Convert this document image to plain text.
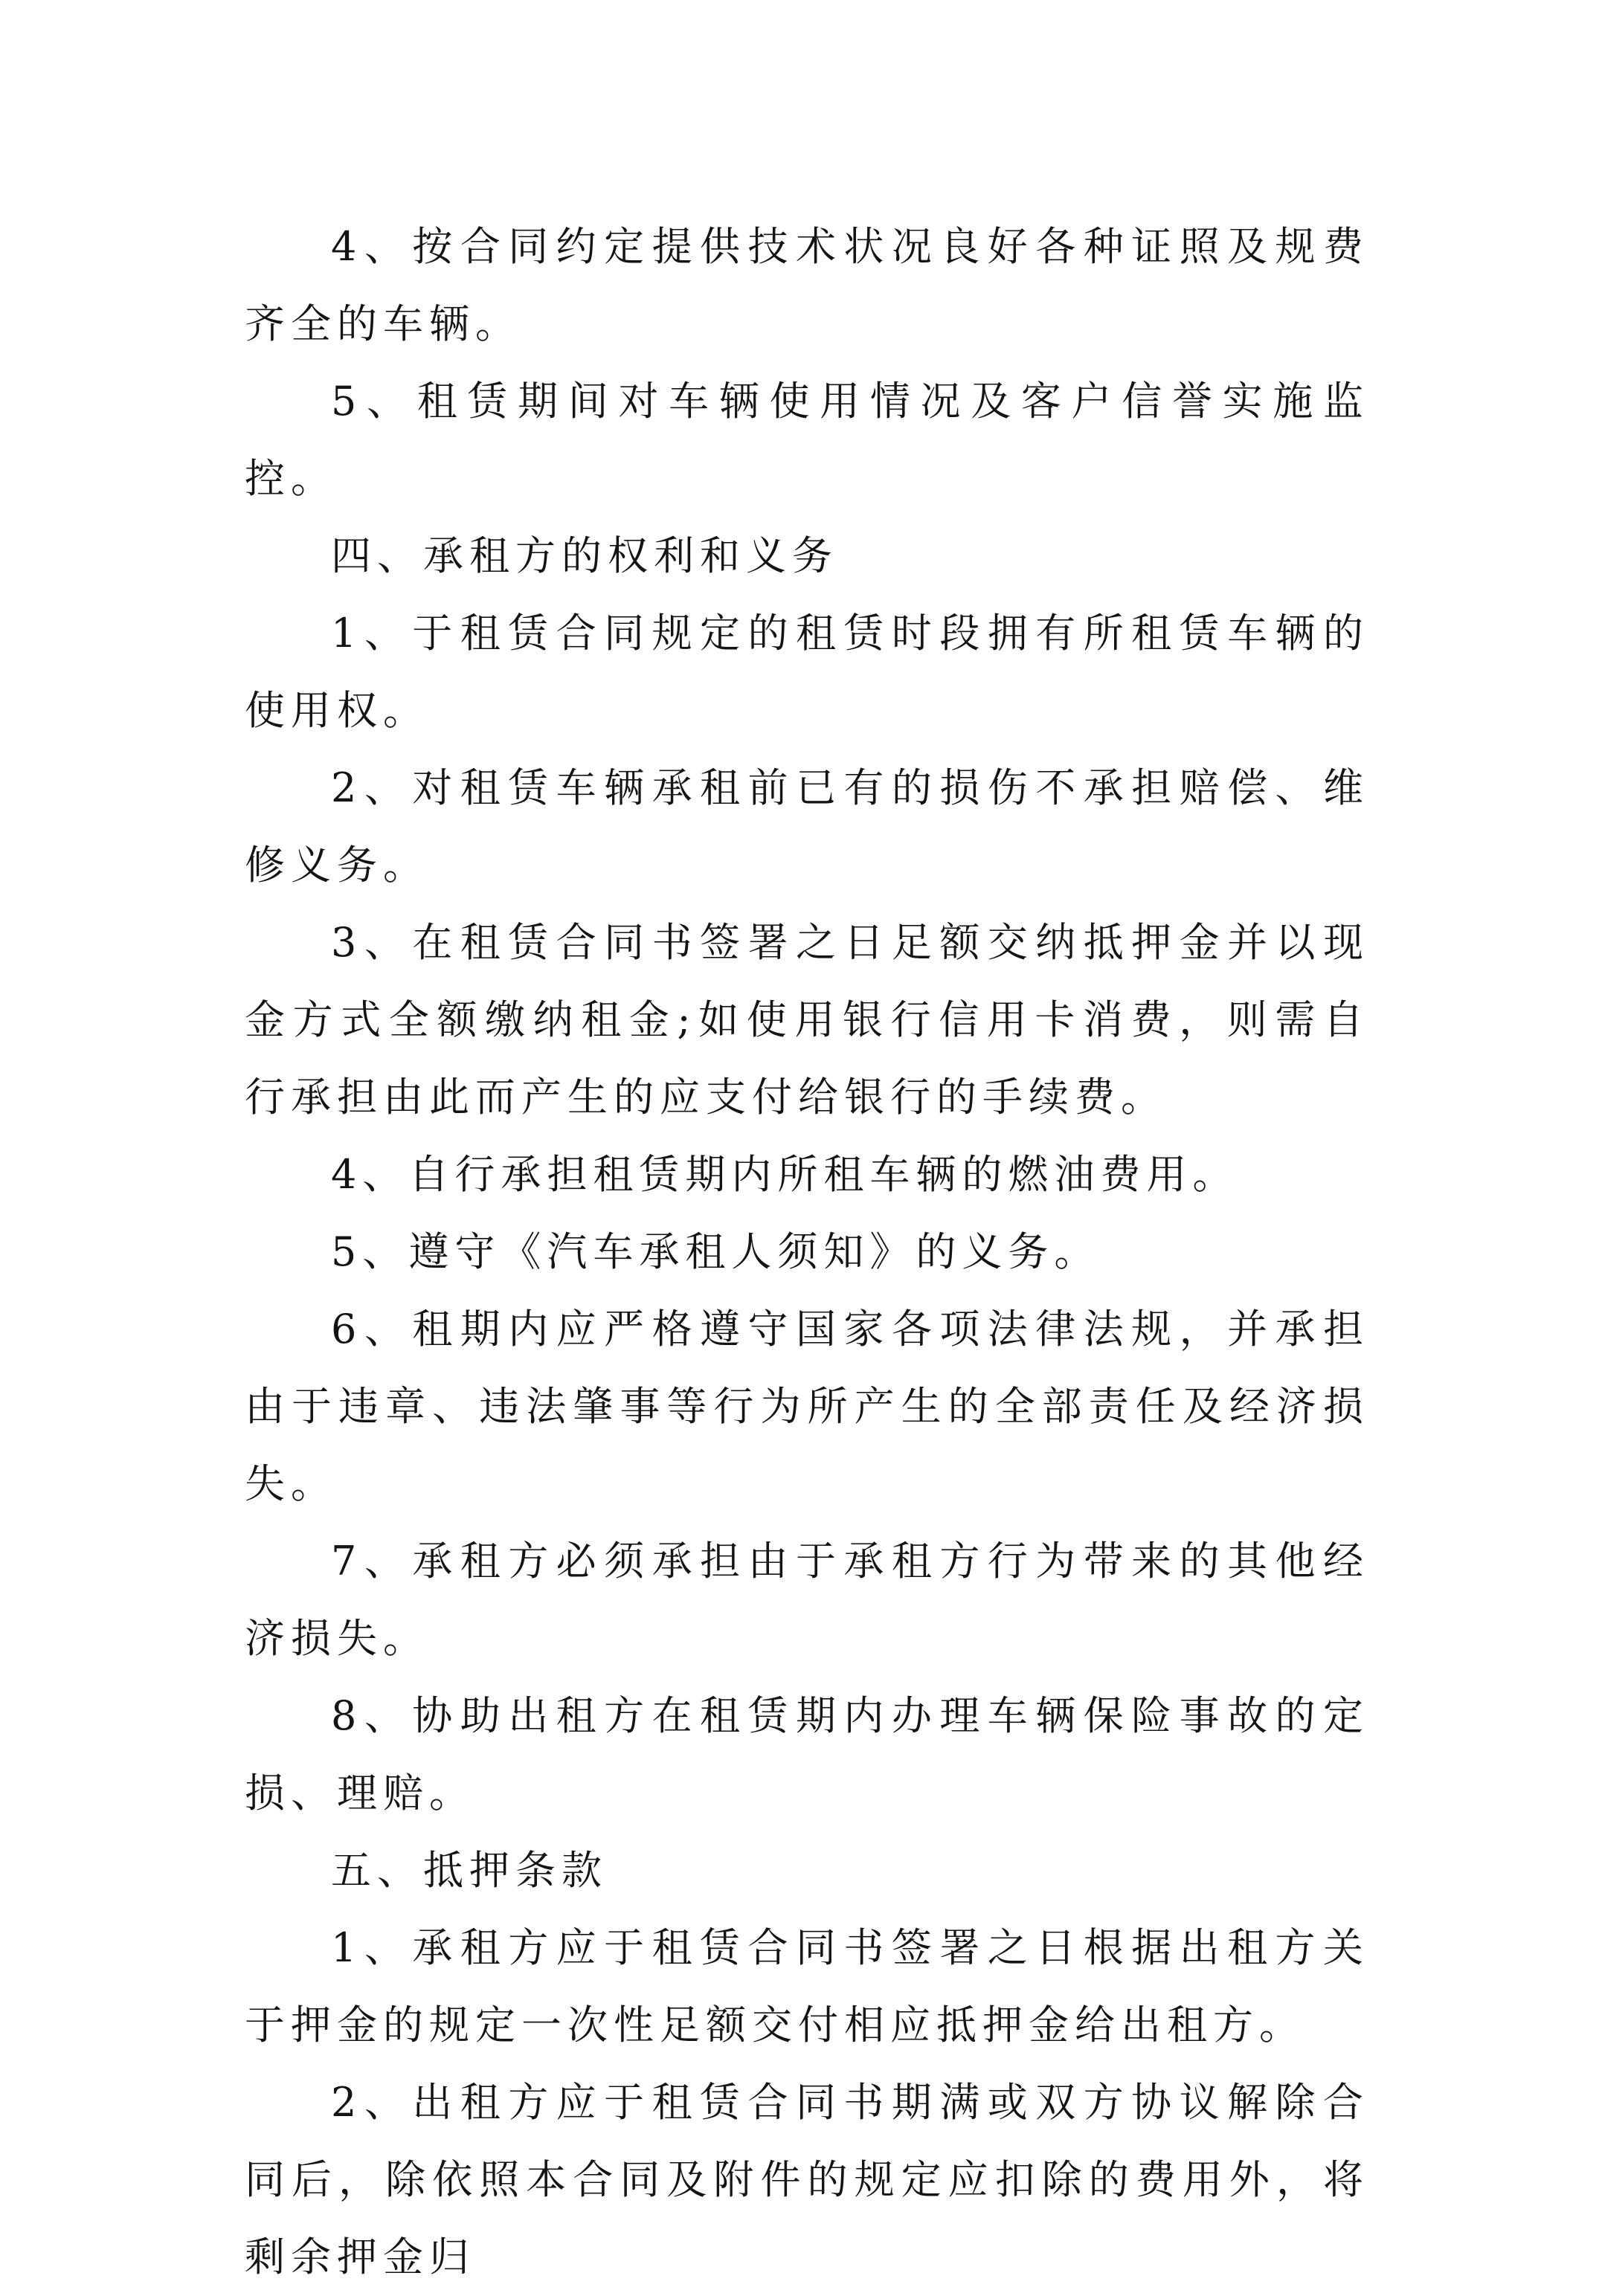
4、按合同约定提供技术状况良好各种证照及规费齐全的车辆。

5、租赁期间对车辆使用情况及客户信誉实施监控。

四、承租方的权利和义务

1、于租赁合同规定的租赁时段拥有所租赁车辆的使用权。

2、对租赁车辆承租前已有的损伤不承担赔偿、维修义务。

3、在租赁合同书签署之日足额交纳抵押金并以现金方式全额缴纳租金;如使用银行信用卡消费，则需自行承担由此而产生的应支付给银行的手续费。

4、自行承担租赁期内所租车辆的燃油费用。

5、遵守《汽车承租人须知》的义务。

6、租期内应严格遵守国家各项法律法规，并承担由于违章、违法肇事等行为所产生的全部责任及经济损失。

7、承租方必须承担由于承租方行为带来的其他经济损失。

8、协助出租方在租赁期内办理车辆保险事故的定损、理赔。

五、抵押条款

1、承租方应于租赁合同书签署之日根据出租方关于押金的规定一次性足额交付相应抵押金给出租方。

2、出租方应于租赁合同书期满或双方协议解除合同后，除依照本合同及附件的规定应扣除的费用外，将剩余押金归
